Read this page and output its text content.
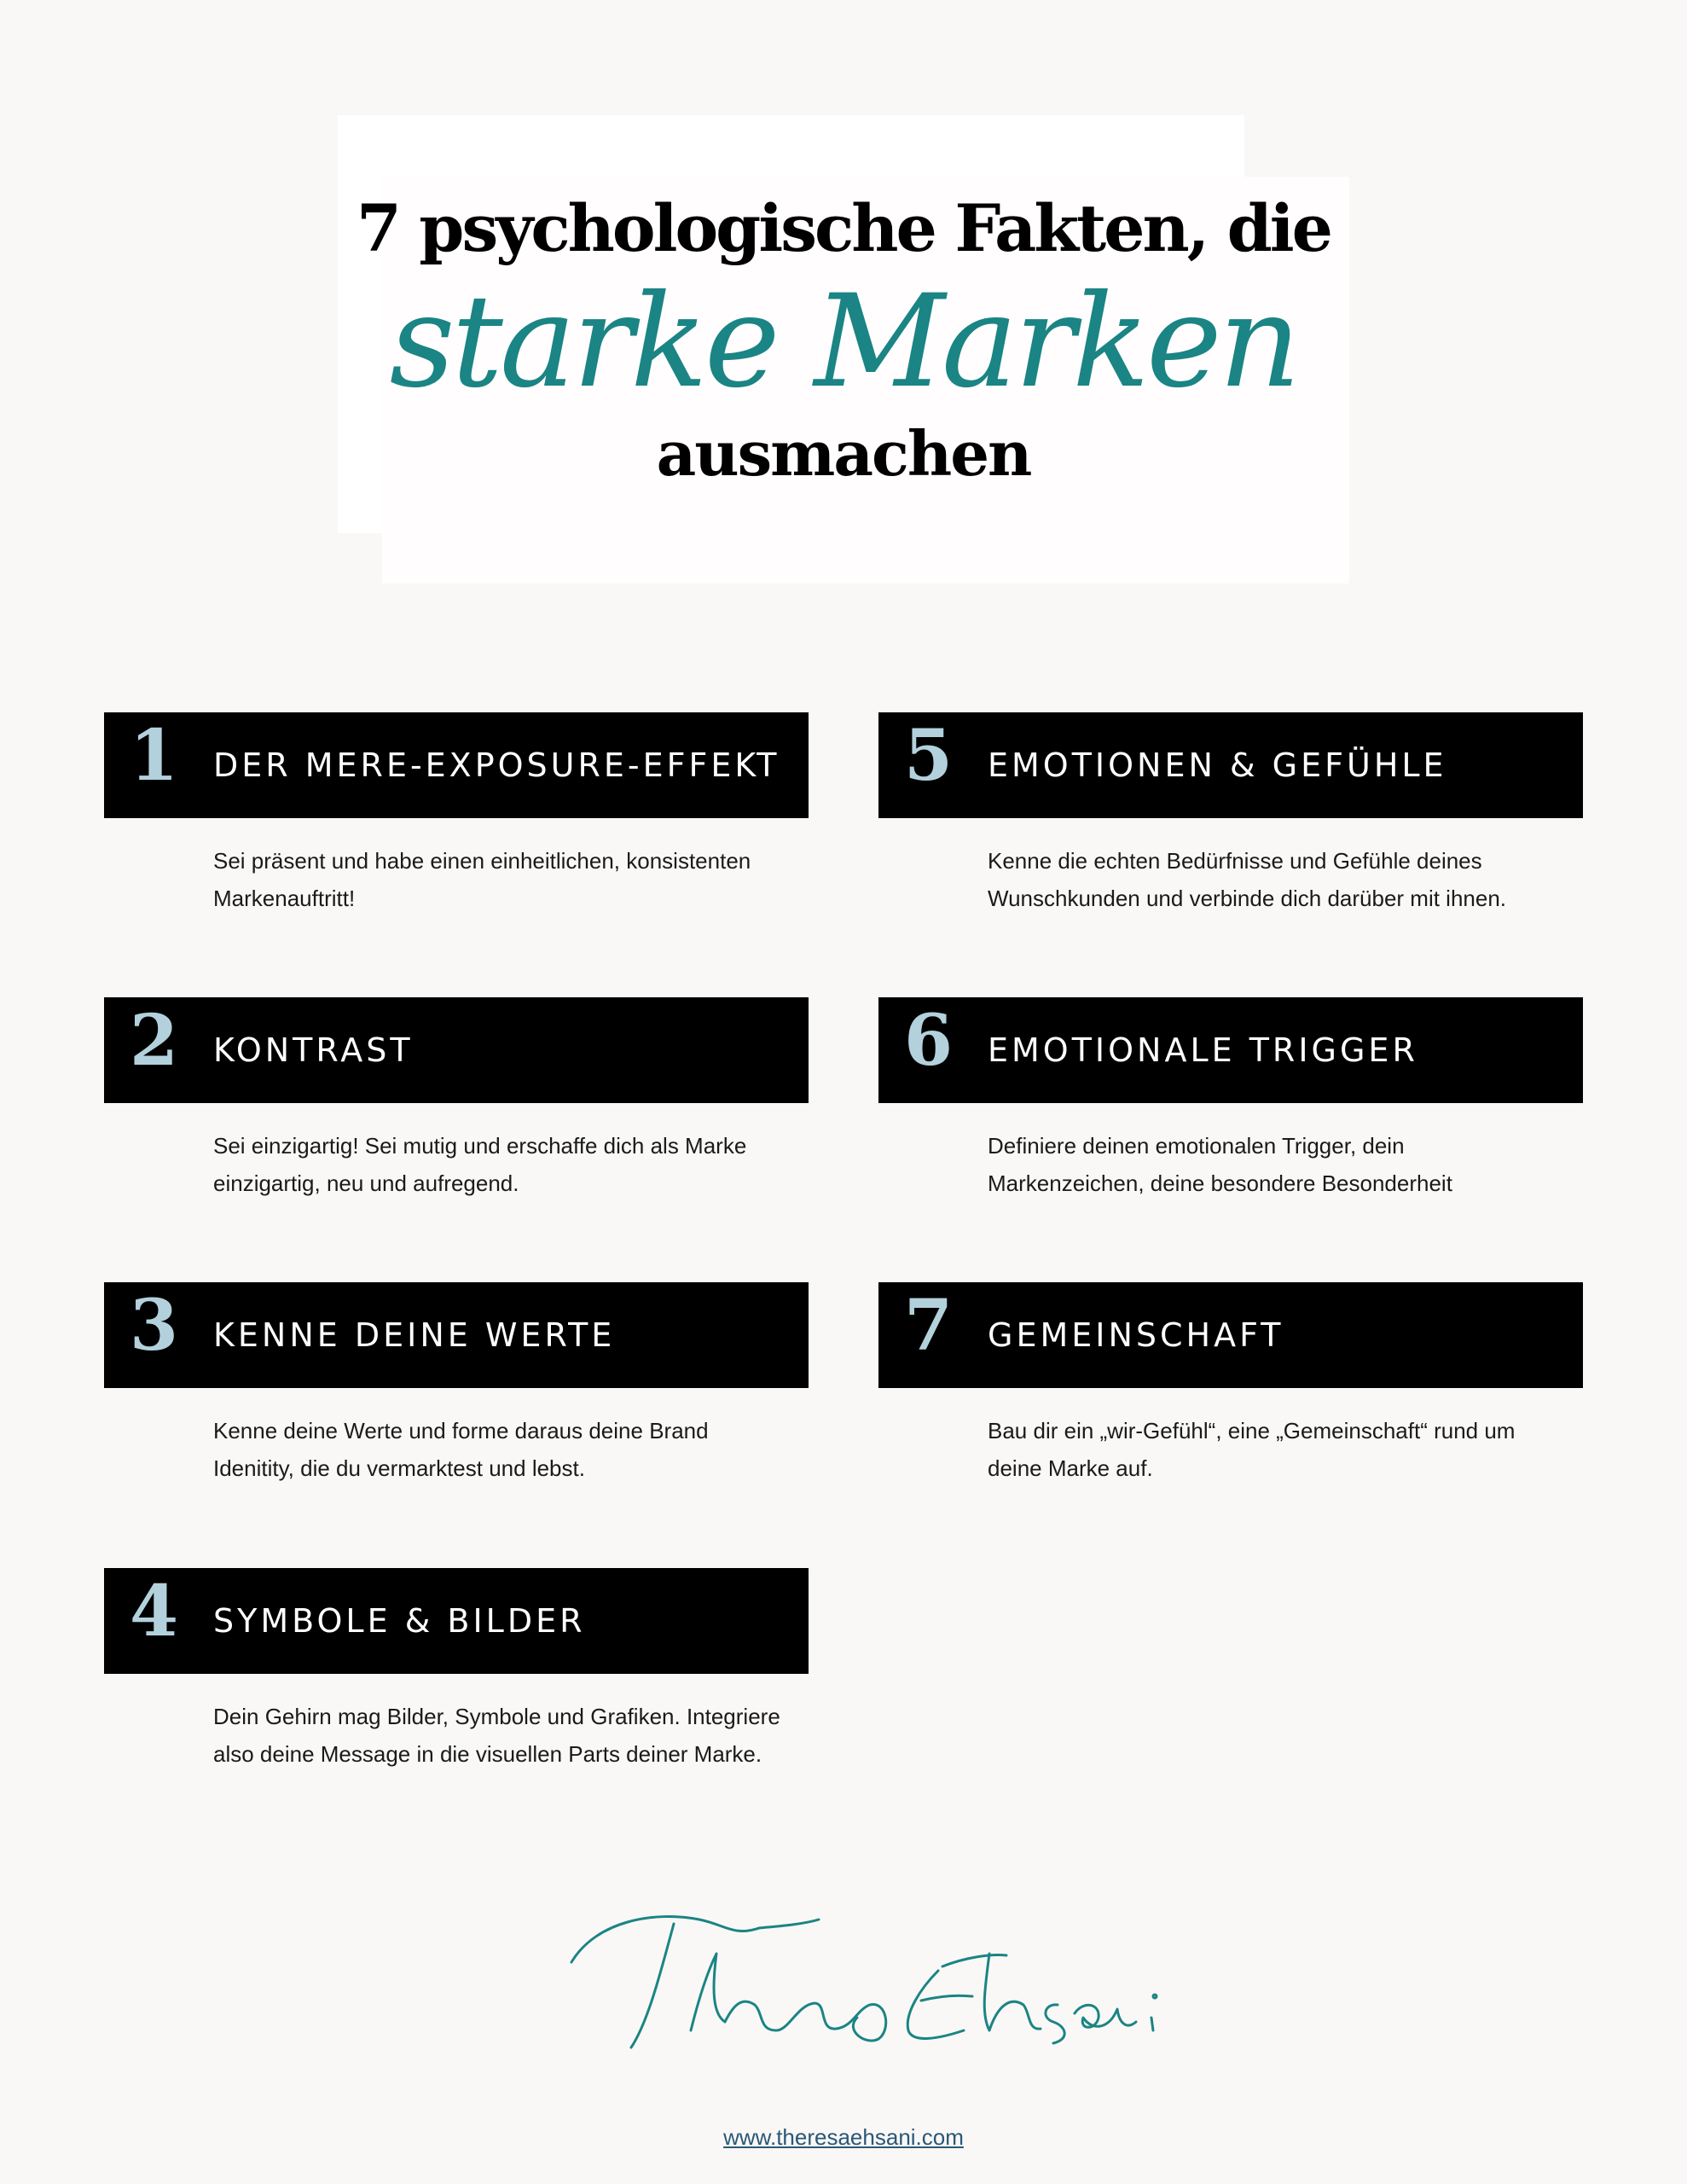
7 psychologische Fakten, die
starke Marken
ausmachen
1 DER MERE-EXPOSURE-EFFEKT
Sei präsent und habe einen einheitlichen, konsistenten Markenauftritt!
2 KONTRAST
Sei einzigartig! Sei mutig und erschaffe dich als Marke einzigartig, neu und aufregend.
3 KENNE DEINE WERTE
Kenne deine Werte und forme daraus deine Brand Idenitity, die du vermarktest und lebst.
4 SYMBOLE & BILDER
Dein Gehirn mag Bilder, Symbole und Grafiken. Integriere also deine Message in die visuellen Parts deiner Marke.
5 EMOTIONEN & GEFÜHLE
Kenne die echten Bedürfnisse und Gefühle deines Wunschkunden und verbinde dich darüber mit ihnen.
6 EMOTIONALE TRIGGER
Definiere deinen emotionalen Trigger, dein Markenzeichen, deine besondere Besonderheit
7 GEMEINSCHAFT
Bau dir ein „wir-Gefühl“, eine „Gemeinschaft“ rund um deine Marke auf.
www.theresaehsani.com
